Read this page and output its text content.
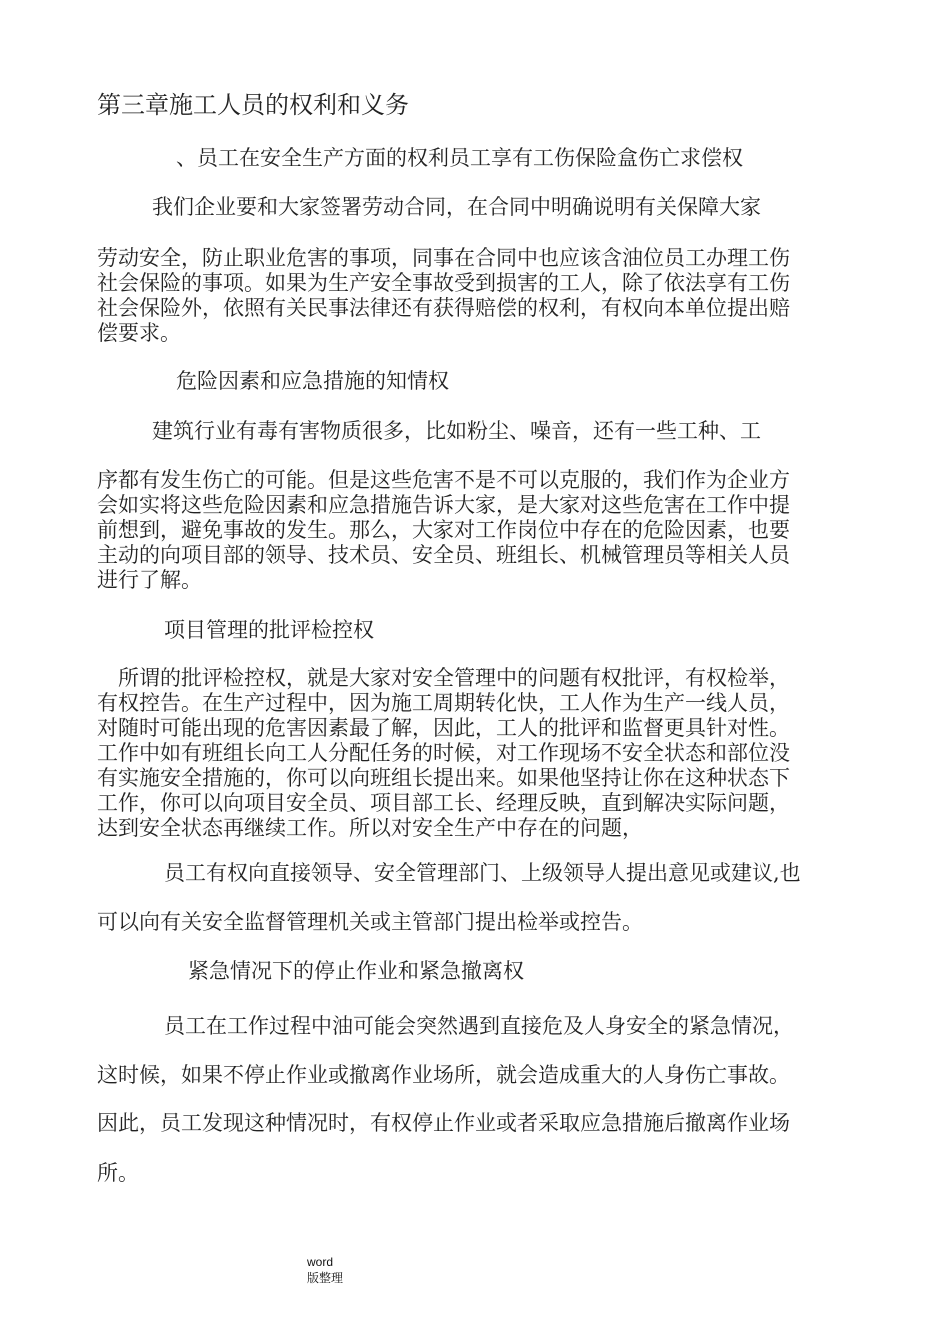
第三章施工人员的权利和义务

、员工在安全生产方面的权利员工享有工伤保险盒伤亡求偿权

我们企业要和大家签署劳动合同，在合同中明确说明有关保障大家

劳动安全，防止职业危害的事项，同事在合同中也应该含油位员工办理工伤

社会保险的事项。如果为生产安全事故受到损害的工人，除了依法享有工伤

社会保险外，依照有关民事法律还有获得赔偿的权利，有权向本单位提出赔

偿要求。

危险因素和应急措施的知情权

建筑行业有毒有害物质很多，比如粉尘、噪音，还有一些工种、工

序都有发生伤亡的可能。但是这些危害不是不可以克服的，我们作为企业方

会如实将这些危险因素和应急措施告诉大家，是大家对这些危害在工作中提

前想到，避免事故的发生。那么，大家对工作岗位中存在的危险因素，也要

主动的向项目部的领导、技术员、安全员、班组长、机械管理员等相关人员

进行了解。

项目管理的批评检控权

所谓的批评检控权，就是大家对安全管理中的问题有权批评，有权检举，

有权控告。在生产过程中，因为施工周期转化快，工人作为生产一线人员，

对随时可能出现的危害因素最了解，因此，工人的批评和监督更具针对性。

工作中如有班组长向工人分配任务的时候，对工作现场不安全状态和部位没

有实施安全措施的，你可以向班组长提出来。如果他坚持让你在这种状态下

工作，你可以向项目安全员、项目部工长、经理反映，直到解决实际问题，

达到安全状态再继续工作。所以对安全生产中存在的问题，

员工有权向直接领导、安全管理部门、上级领导人提出意见或建议,也

可以向有关安全监督管理机关或主管部门提出检举或控告。

紧急情况下的停止作业和紧急撤离权

员工在工作过程中油可能会突然遇到直接危及人身安全的紧急情况，

这时候，如果不停止作业或撤离作业场所，就会造成重大的人身伤亡事故。

因此，员工发现这种情况时，有权停止作业或者采取应急措施后撤离作业场

所。

word
版整理
